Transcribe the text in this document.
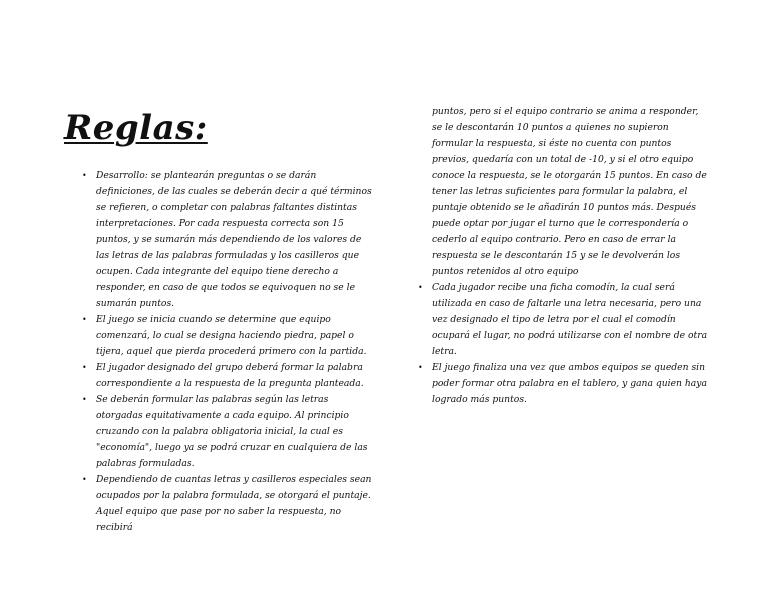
Reglas:
• Desarrollo: se plantearán preguntas o se darán definiciones, de las cuales se deberán decir a qué términos se refieren, o completar con palabras faltantes distintas interpretaciones. Por cada respuesta correcta son 15 puntos, y se sumarán más dependiendo de los valores de las letras de las palabras formuladas y los casilleros que ocupen. Cada integrante del equipo tiene derecho a responder, en caso de que todos se equivoquen no se le sumarán puntos.
• El juego se inicia cuando se determine que equipo comenzará, lo cual se designa haciendo piedra, papel o tijera, aquel que pierda procederá primero con la partida.
• El jugador designado del grupo deberá formar la palabra correspondiente a la respuesta de la pregunta planteada.
• Se deberán formular las palabras según las letras otorgadas equitativamente a cada equipo. Al principio cruzando con la palabra obligatoria inicial, la cual es "economía", luego ya se podrá cruzar en cualquiera de las palabras formuladas.
• Dependiendo de cuantas letras y casilleros especiales sean ocupados por la palabra formulada, se otorgará el puntaje. Aquel equipo que pase por no saber la respuesta, no recibirá

puntos, pero si el equipo contrario se anima a responder, se le descontarán 10 puntos a quienes no supieron formular la respuesta, si éste no cuenta con puntos previos, quedaría con un total de -10, y si el otro equipo conoce la respuesta, se le otorgarán 15 puntos. En caso de tener las letras suficientes para formular la palabra, el puntaje obtenido se le añadirán 10 puntos más. Después puede optar por jugar el turno que le correspondería o cederlo al equipo contrario. Pero en caso de errar la respuesta se le descontarán 15 y se le devolverán los puntos retenidos al otro equipo

• Cada jugador recibe una ficha comodín, la cual será utilizada en caso de faltarle una letra necesaria, pero una vez designado el tipo de letra por el cual el comodín ocupará el lugar, no podrá utilizarse con el nombre de otra letra.
• El juego finaliza una vez que ambos equipos se queden sin poder formar otra palabra en el tablero, y gana quien haya logrado más puntos.
